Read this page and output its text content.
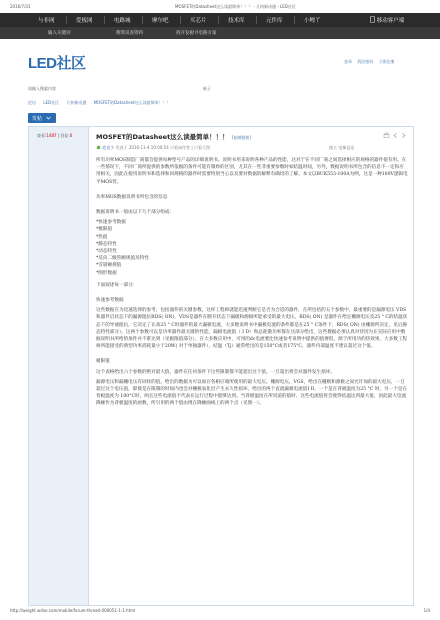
2016/7/31	MOSFET的Datasheet这么读最简单！！！ - 几何新动通 - LED社区
与非网	爱板网	电路城	摩尔吧	买芯片	技术库	元件库	小鲤丫	移动客户端
输入关键词	搜资讯查资料	找开发板寻电路方案
LED社区	登录 找回密码 立即注册
请输入搜索内容	帖子
论坛 LED社区 几何新动通 MOSFET的Datasheet这么读最简单！！！
发帖
查看:1487 | 回复:0	MOSFET的Datasheet这么读最简单！！！ [复制链接]

泡老少 发表于 2016-11-4 10:00:54 只看该作者 | 只看大图	楼主 电梯直达

所有功率MOS制造厂商都会提供每种型号产品的详细说明书。说明书用来说明各种产品的性能，这对于在不同厂商之间选择相应的规格的器件很有用。在一些情况下，不同厂商所提供的参数所依据的条件可能有微妙的区别，尤其在一些非重要参数时如结温时间，另外，数据说明书所包含的信息不一定和应用相关，因此在使用说明书和选择和回规格的器件时需要特别当心以及要对数据的解释有确切的了解。本文以BUK553-100A为例，这是一种100V逻辑电平MOS管。

功率MOS数据说明书所包含的信息

数据说明书一般由以下几个部分组成：

*快速参考数据
*极限值
*热阻
*静态特性
*动态特性
*反向二级管额规值及特性
*雪崩额规值
*图形数据

下面叙述每一部分：

快速参考数据

这些数据在为迅速选择的参考，包括器件的关键参数，这样工程师就能迅速判断它是否为合适的器件，在所包括的五个参数中，最重要的是漏源电压 VDS和器件启状态下的漏源阻抗RDS( ON)，VDS是器件在断开状态下漏极和源极所能承受的最大电压，RDS( ON) 是器件在给定栅源电压及25 ° C的结温状态下的导通阻抗，它决定了在高25 ° C时器件的最大漏极电流，大多数说明书中漏极电流的条件都是在25 ° C条件下，RDS( ON) 由栅源所决定，见后静态特性部分）。这两个参数可以是功率器件最关键的性能，漏极电流值（ I D）和总耗散功率都在这部分给出，这些数据必须认真对待因为在实际应用中数据说明书所给的条件并不难达到（见极限值部分）。在大多数应用中，可用的dc电流要比快速参考说明中提供的值要低，源于所用功的热效果，大多数工程师所能接受的典型功率消耗量小于20W( 对于单独器件），结温（Tj）通常给出的是150°C或者175°C，器件内部温度不建议超过这个值。

极限值

这个表格给出六个参数的绝对最大值，器件在任何条件下这些限制都不能超出这个值。一旦超出将会对器件发生损坏。

漏源电压和漏栅电压有同样的值。给出的数据为可以加在各相应端所使用的最大电压。栅源电压，VGS，给出在栅极和源极之间允许加的最大电压，一旦超过这个电压值，即使是在限制的时间内也会对栅极氧化层产生永久性损坏。给出的两个直流漏极电流值I D，一个是在背板温度为25 °C 时，另一个是在背板温度为 100°C时，两且这些电流值不代表在运行过程中能够达到。当背板温度在所说道的值时，这些电流值将会使得结温达到最大值，因此最大电流降额作为背板温度的函数，所引用的两个值由现在降额曲线上的两个点（见图一）。

http://weight.wdxe.com/mobile/forum-thread-000051-1-1.html	1/4
